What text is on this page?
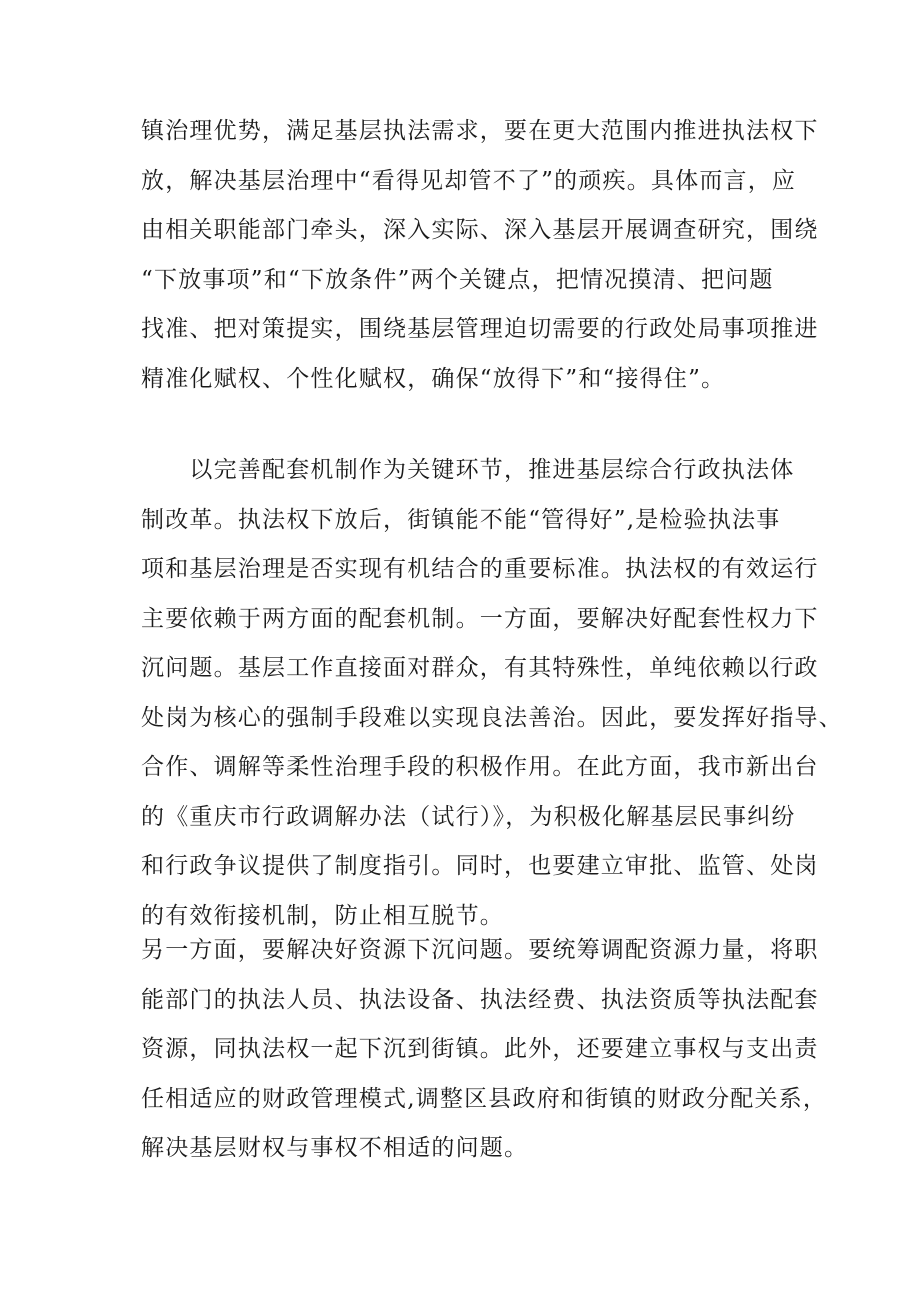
镇治理优势，满足基层执法需求，要在更大范围内推进执法权下
放，解决基层治理中“看得见却管不了”的顽疾。具体而言，应
由相关职能部门牵头，深入实际、深入基层开展调查研究，围绕
“下放事项”和“下放条件”两个关键点，把情况摸清、把问题
找准、把对策提实，围绕基层管理迫切需要的行政处局事项推进
精准化赋权、个性化赋权，确保“放得下”和“接得住”。
　　以完善配套机制作为关键环节，推进基层综合行政执法体
制改革。执法权下放后，街镇能不能“管得好”,是检验执法事
项和基层治理是否实现有机结合的重要标准。执法权的有效运行
主要依赖于两方面的配套机制。一方面，要解决好配套性权力下
沉问题。基层工作直接面对群众，有其特殊性，单纯依赖以行政
处岗为核心的强制手段难以实现良法善治。因此，要发挥好指导、
合作、调解等柔性治理手段的积极作用。在此方面，我市新出台
的《重庆市行政调解办法（试行）》，为积极化解基层民事纠纷
和行政争议提供了制度指引。同时，也要建立审批、监管、处岗
的有效衔接机制，防止相互脱节。
另一方面，要解决好资源下沉问题。要统筹调配资源力量，将职
能部门的执法人员、执法设备、执法经费、执法资质等执法配套
资源，同执法权一起下沉到街镇。此外，还要建立事权与支出责
任相适应的财政管理模式,调整区县政府和街镇的财政分配关系，
解决基层财权与事权不相适的问题。
